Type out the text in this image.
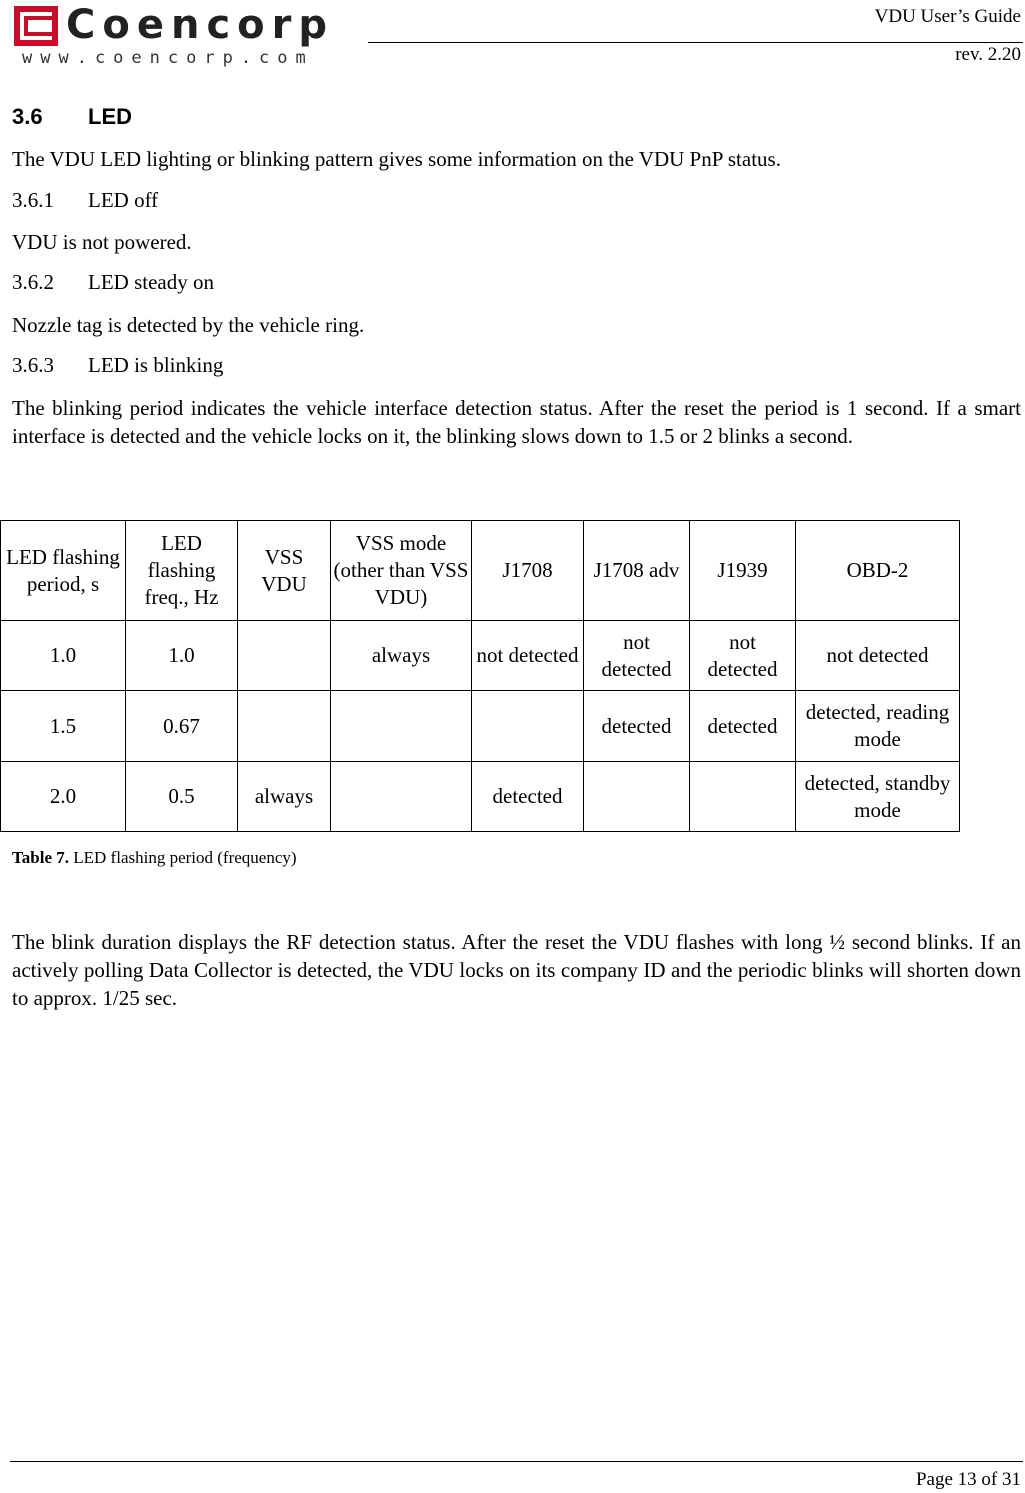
Coencorp
www.coencorp.com
VDU User’s Guide
rev. 2.20
3.6 LED
The VDU LED lighting or blinking pattern gives some information on the VDU PnP status.
3.6.1 LED off
VDU is not powered.
3.6.2 LED steady on
Nozzle tag is detected by the vehicle ring.
3.6.3 LED is blinking
The blinking period indicates the vehicle interface detection status. After the reset the period is 1 second. If a smart interface is detected and the vehicle locks on it, the blinking slows down to 1.5 or 2 blinks a second.
LED flashing period, s	LED flashing freq., Hz	VSS VDU	VSS mode (other than VSS VDU)	J1708	J1708 adv	J1939	OBD-2
1.0	1.0		always	not detected	not detected	not detected	not detected
1.5	0.67				detected	detected	detected, reading mode
2.0	0.5	always		detected			detected, standby mode
Table 7. LED flashing period (frequency)
The blink duration displays the RF detection status. After the reset the VDU flashes with long ½ second blinks. If an actively polling Data Collector is detected, the VDU locks on its company ID and the periodic blinks will shorten down to approx. 1/25 sec.
Page 13 of 31
